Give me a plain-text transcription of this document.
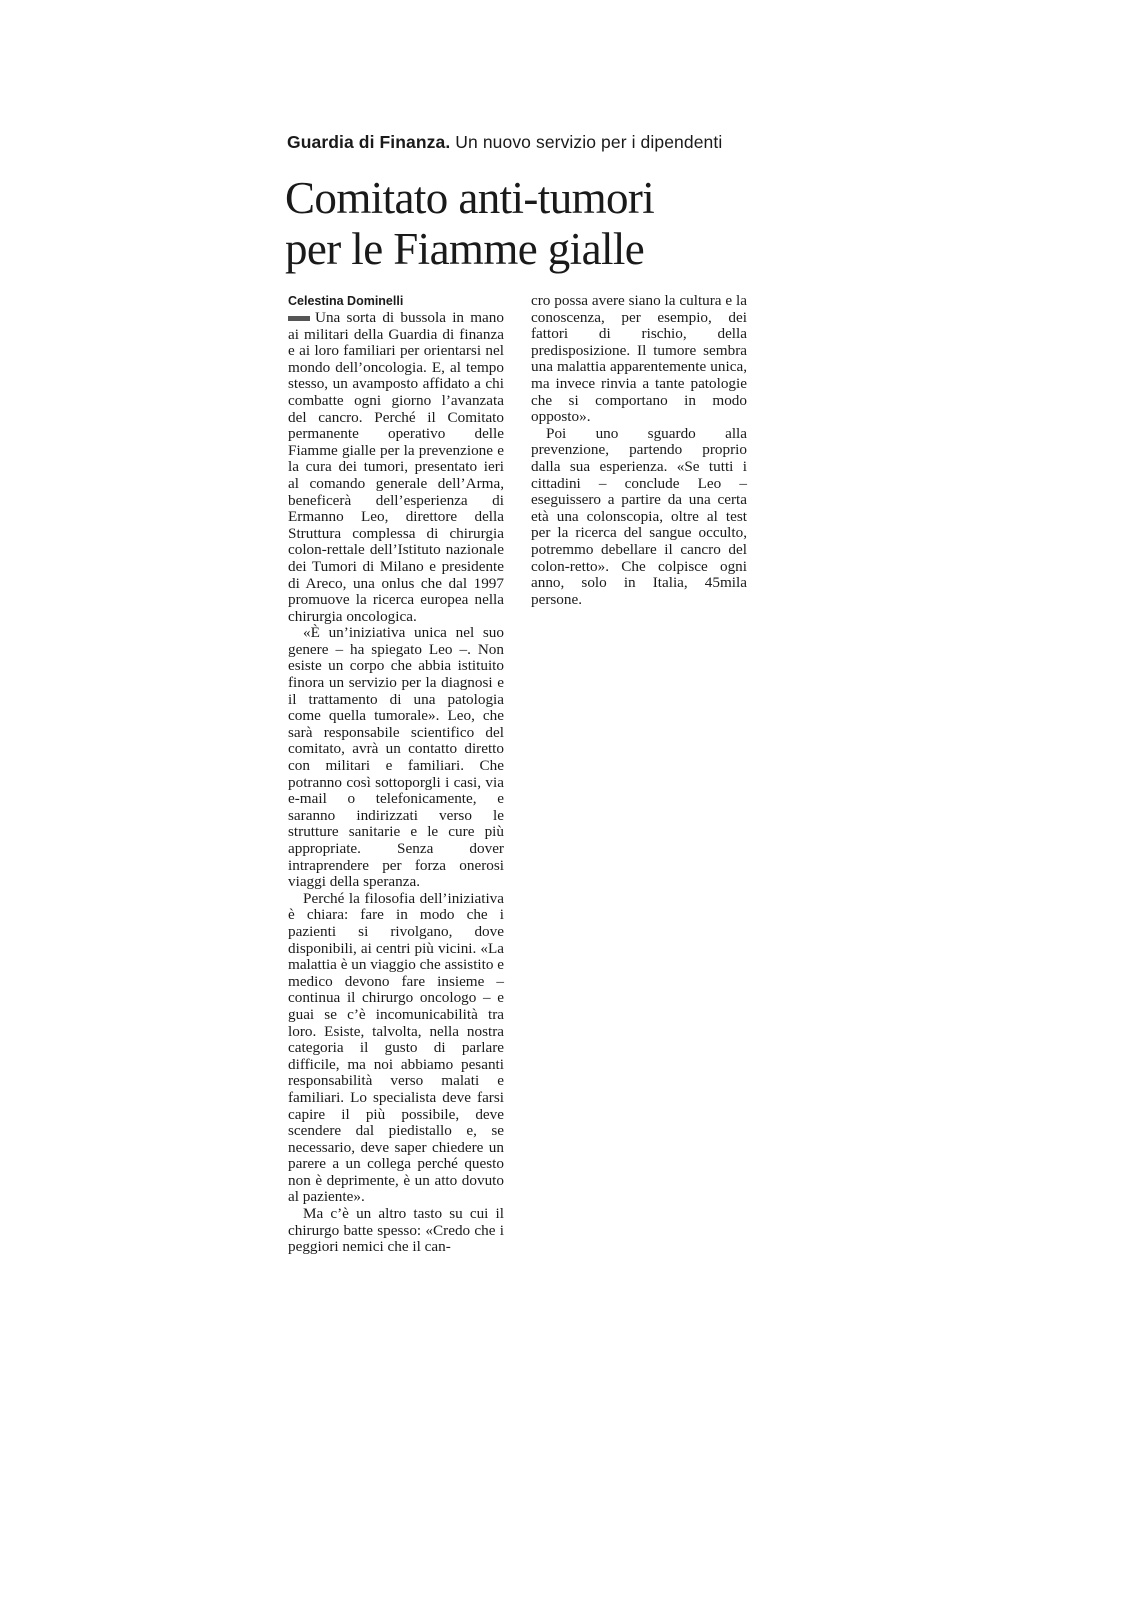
Guardia di Finanza. Un nuovo servizio per i dipendenti
Comitato anti-tumori
per le Fiamme gialle
Celestina Dominelli

Una sorta di bussola in mano ai militari della Guardia di finanza e ai loro familiari per orientarsi nel mondo dell’oncologia. E, al tempo stesso, un avamposto affidato a chi combatte ogni giorno l’avanzata del cancro. Perché il Comitato permanente operativo delle Fiamme gialle per la prevenzione e la cura dei tumori, presentato ieri al comando generale dell’Arma, beneficerà dell’esperienza di Ermanno Leo, direttore della Struttura complessa di chirurgia colon-rettale dell’Istituto nazionale dei Tumori di Milano e presidente di Areco, una onlus che dal 1997 promuove la ricerca europea nella chirurgia oncologica.

«È un’iniziativa unica nel suo genere – ha spiegato Leo –. Non esiste un corpo che abbia istituito finora un servizio per la diagnosi e il trattamento di una patologia come quella tumorale». Leo, che sarà responsabile scientifico del comitato, avrà un contatto diretto con militari e familiari. Che potranno così sottoporgli i casi, via e-mail o telefonicamente, e saranno indirizzati verso le strutture sanitarie e le cure più appropriate. Senza dover intraprendere per forza onerosi viaggi della speranza.

Perché la filosofia dell’iniziativa è chiara: fare in modo che i pazienti si rivolgano, dove disponibili, ai centri più vicini. «La malattia è un viaggio che assistito e medico devono fare insieme – continua il chirurgo oncologo – e guai se c’è incomunicabilità tra loro. Esiste, talvolta, nella nostra categoria il gusto di parlare difficile, ma noi abbiamo pesanti responsabilità verso malati e familiari. Lo specialista deve farsi capire il più possibile, deve scendere dal piedistallo e, se necessario, deve saper chiedere un parere a un collega perché questo non è deprimente, è un atto dovuto al paziente».

Ma c’è un altro tasto su cui il chirurgo batte spesso: «Credo che i peggiori nemici che il can-

cro possa avere siano la cultura e la conoscenza, per esempio, dei fattori di rischio, della predisposizione. Il tumore sembra una malattia apparentemente unica, ma invece rinvia a tante patologie che si comportano in modo opposto».

Poi uno sguardo alla prevenzione, partendo proprio dalla sua esperienza. «Se tutti i cittadini – conclude Leo – eseguissero a partire da una certa età una colonscopia, oltre al test per la ricerca del sangue occulto, potremmo debellare il cancro del colon-retto». Che colpisce ogni anno, solo in Italia, 45mila persone.
